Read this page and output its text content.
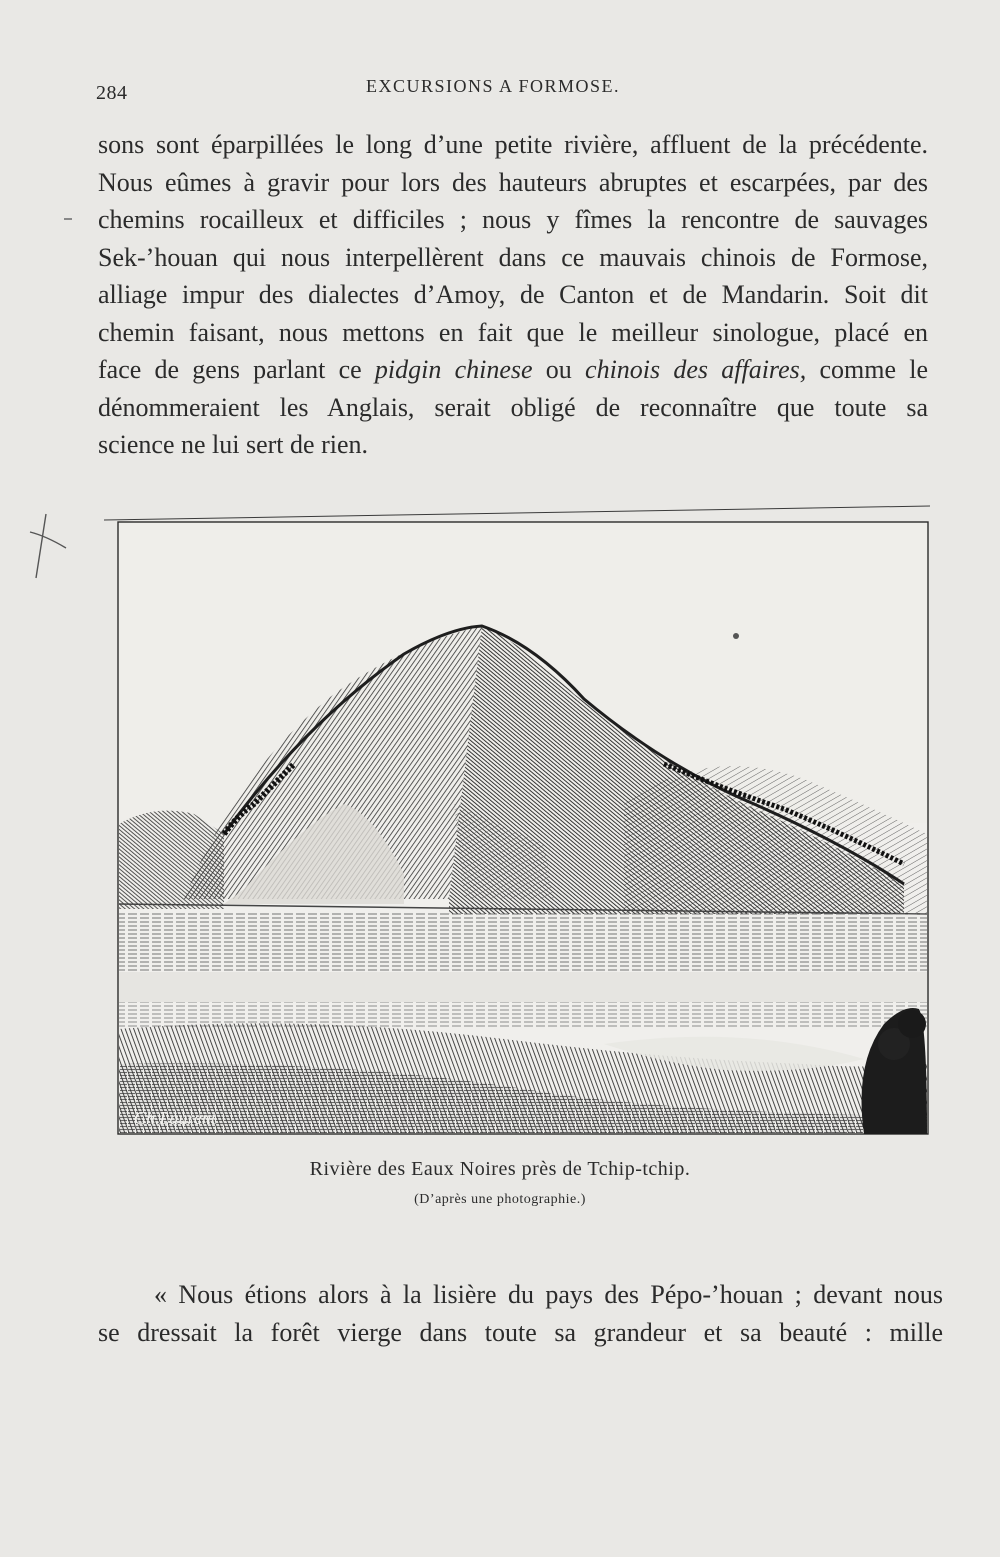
284	EXCURSIONS A FORMOSE.
sons sont éparpillées le long d’une petite rivière, affluent de la précédente.
Nous eûmes à gravir pour lors des hauteurs abruptes et escarpées, par des
chemins rocailleux et difficiles ; nous y fîmes la rencontre de sauvages
Sek-’houan qui nous interpellèrent dans ce mauvais chinois de Formose,
alliage impur des dialectes d’Amoy, de Canton et de Mandarin. Soit dit
chemin faisant, nous mettons en fait que le meilleur sinologue, placé en
face de gens parlant ce pidgin chinese ou chinois des affaires, comme le
dénommeraient les Anglais, serait obligé de reconnaître que toute sa
science ne lui sert de rien.
Ch.Laurent
Rivière des Eaux Noires près de Tchip-tchip.
(D’après une photographie.)
« Nous étions alors à la lisière du pays des Pépo-’houan ; devant nous
se dressait la forêt vierge dans toute sa grandeur et sa beauté : mille
